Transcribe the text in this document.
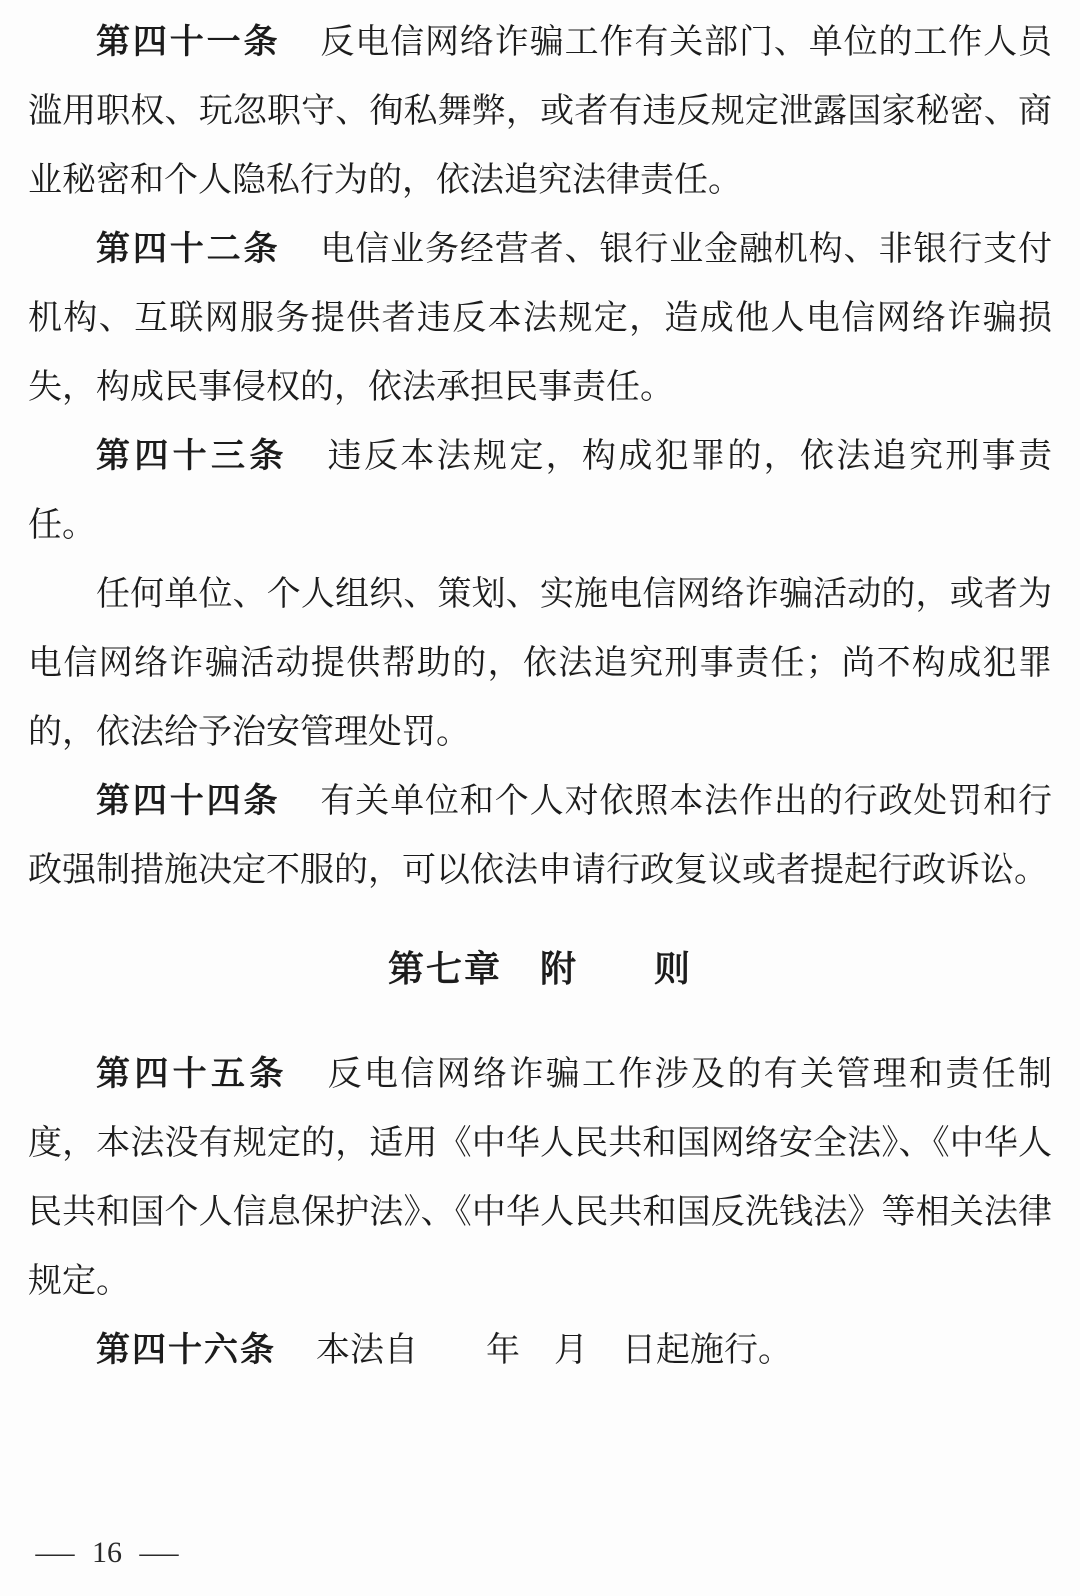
第四十一条 反电信网络诈骗工作有关部门、单位的工作人员滥用职权、玩忽职守、徇私舞弊，或者有违反规定泄露国家秘密、商业秘密和个人隐私行为的，依法追究法律责任。

第四十二条 电信业务经营者、银行业金融机构、非银行支付机构、互联网服务提供者违反本法规定，造成他人电信网络诈骗损失，构成民事侵权的，依法承担民事责任。

第四十三条 违反本法规定，构成犯罪的，依法追究刑事责任。

任何单位、个人组织、策划、实施电信网络诈骗活动的，或者为电信网络诈骗活动提供帮助的，依法追究刑事责任；尚不构成犯罪的，依法给予治安管理处罚。

第四十四条 有关单位和个人对依照本法作出的行政处罚和行政强制措施决定不服的，可以依法申请行政复议或者提起行政诉讼。

第七章　附　　则

第四十五条 反电信网络诈骗工作涉及的有关管理和责任制度，本法没有规定的，适用《中华人民共和国网络安全法》、《中华人民共和国个人信息保护法》、《中华人民共和国反洗钱法》等相关法律规定。

第四十六条 本法自　　年　月　日起施行。

— 16 —
